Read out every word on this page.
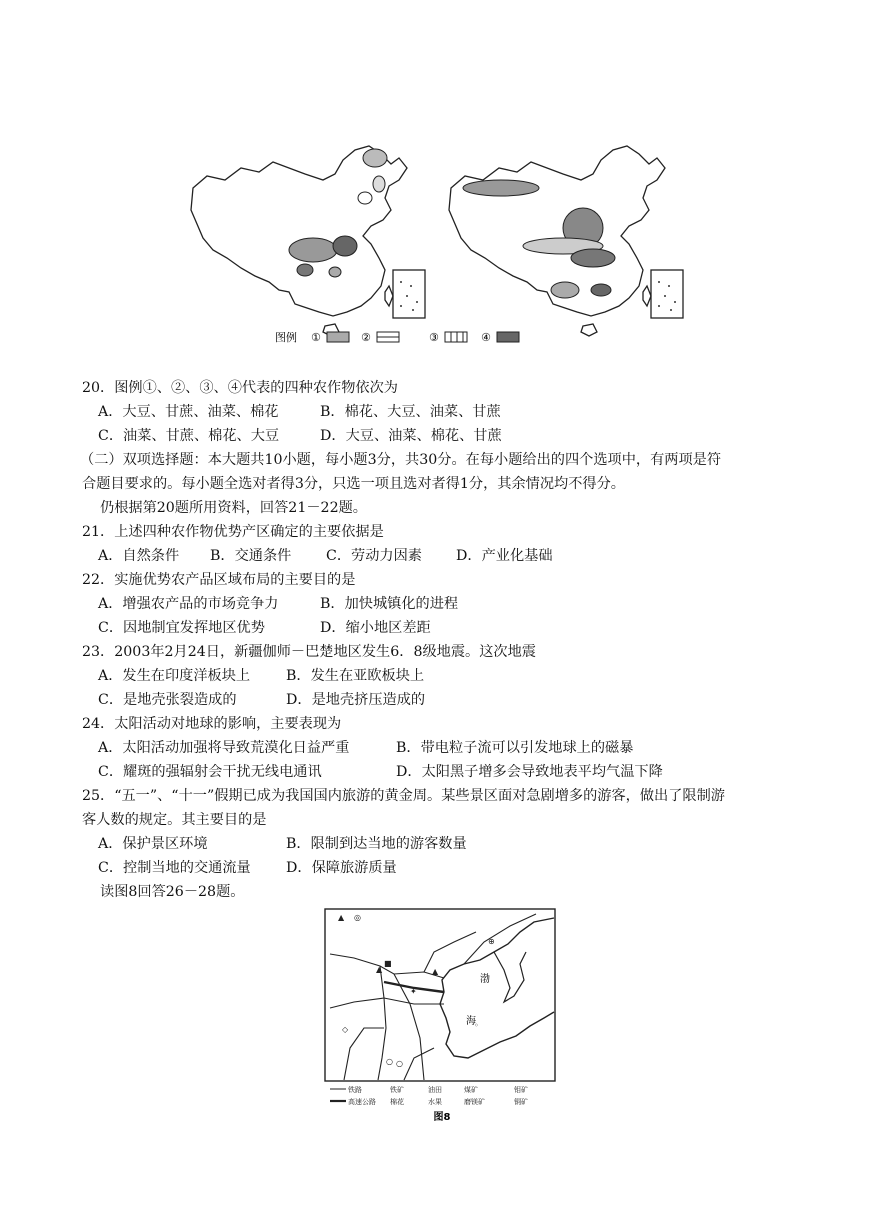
图例 ①	②	③	④
20．图例①、②、③、④代表的四种农作物依次为
A．大豆、甘蔗、油菜、棉花	B．棉花、大豆、油菜、甘蔗
C．油菜、甘蔗、棉花、大豆	D．大豆、油菜、棉花、甘蔗
（二）双项选择题：本大题共10小题，每小题3分，共30分。在每小题给出的四个选项中，有两项是符
合题目要求的。每小题全选对者得3分，只选一项且选对者得1分，其余情况均不得分。
仍根据第20题所用资料，回答21－22题。
21．上述四种农作物优势产区确定的主要依据是
A．自然条件 B．交通条件 C．劳动力因素 D．产业化基础
22．实施优势农产品区域布局的主要目的是
A．增强农产品的市场竞争力	B．加快城镇化的进程
C．因地制宜发挥地区优势	D．缩小地区差距
23．2003年2月24日，新疆伽师－巴楚地区发生6．8级地震。这次地震
A．发生在印度洋板块上	B．发生在亚欧板块上
C．是地壳张裂造成的	D．是地壳挤压造成的
24．太阳活动对地球的影响，主要表现为
A．太阳活动加强将导致荒漠化日益严重	B．带电粒子流可以引发地球上的磁暴
C．耀斑的强辐射会干扰无线电通讯	D．太阳黑子增多会导致地表平均气温下降
25．“五一”、“十一”假期已成为我国国内旅游的黄金周。某些景区面对急剧增多的游客，做出了限制游
客人数的规定。其主要目的是
A．保护景区环境	B．限制到达当地的游客数量
C．控制当地的交通流量 D．保障旅游质量
读图8回答26－28题。
▲ ◎
▲
■
✦
▲
⊕
◇
○ ○
◦
渤
海
铁路
高速公路
铁矿
棉花
油田
水果
煤矿
磨镁矿
钼矿
铜矿
图8
